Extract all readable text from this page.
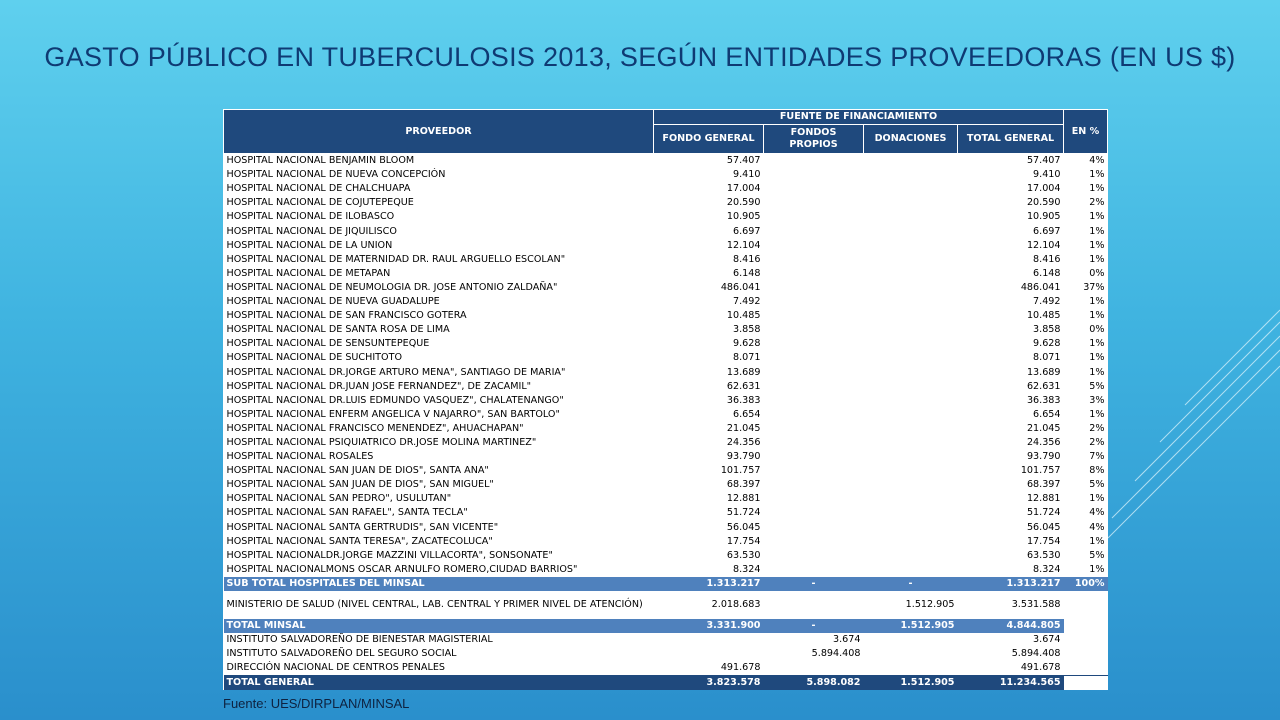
GASTO PÚBLICO EN TUBERCULOSIS 2013, SEGÚN ENTIDADES PROVEEDORAS (EN US $)
PROVEEDOR	FUENTE DE FINANCIAMIENTO				EN %
	FONDO GENERAL	FONDOS PROPIOS	DONACIONES	TOTAL GENERAL	
HOSPITAL NACIONAL BENJAMIN BLOOM	57.407			57.407	4%
HOSPITAL NACIONAL DE NUEVA CONCEPCIÓN	9.410			9.410	1%
HOSPITAL NACIONAL DE CHALCHUAPA	17.004			17.004	1%
HOSPITAL NACIONAL DE COJUTEPEQUE	20.590			20.590	2%
HOSPITAL NACIONAL DE ILOBASCO	10.905			10.905	1%
HOSPITAL NACIONAL DE JIQUILISCO	6.697			6.697	1%
HOSPITAL NACIONAL DE LA UNION	12.104			12.104	1%
HOSPITAL NACIONAL DE MATERNIDAD DR. RAUL ARGUELLO ESCOLAN"	8.416			8.416	1%
HOSPITAL NACIONAL DE METAPAN	6.148			6.148	0%
HOSPITAL NACIONAL DE NEUMOLOGIA DR. JOSE ANTONIO ZALDAÑA"	486.041			486.041	37%
HOSPITAL NACIONAL DE NUEVA GUADALUPE	7.492			7.492	1%
HOSPITAL NACIONAL DE SAN FRANCISCO GOTERA	10.485			10.485	1%
HOSPITAL NACIONAL DE SANTA ROSA DE LIMA	3.858			3.858	0%
HOSPITAL NACIONAL DE SENSUNTEPEQUE	9.628			9.628	1%
HOSPITAL NACIONAL DE SUCHITOTO	8.071			8.071	1%
HOSPITAL NACIONAL DR.JORGE ARTURO MENA", SANTIAGO DE MARIA"	13.689			13.689	1%
HOSPITAL NACIONAL DR.JUAN JOSE FERNANDEZ", DE ZACAMIL"	62.631			62.631	5%
HOSPITAL NACIONAL DR.LUIS EDMUNDO VASQUEZ", CHALATENANGO"	36.383			36.383	3%
HOSPITAL NACIONAL ENFERM ANGELICA V NAJARRO", SAN BARTOLO"	6.654			6.654	1%
HOSPITAL NACIONAL FRANCISCO MENENDEZ", AHUACHAPAN"	21.045			21.045	2%
HOSPITAL NACIONAL PSIQUIATRICO DR.JOSE MOLINA MARTINEZ"	24.356			24.356	2%
HOSPITAL NACIONAL ROSALES	93.790			93.790	7%
HOSPITAL NACIONAL SAN JUAN DE DIOS", SANTA ANA"	101.757			101.757	8%
HOSPITAL NACIONAL SAN JUAN DE DIOS", SAN MIGUEL"	68.397			68.397	5%
HOSPITAL NACIONAL SAN PEDRO", USULUTAN"	12.881			12.881	1%
HOSPITAL NACIONAL SAN RAFAEL", SANTA TECLA"	51.724			51.724	4%
HOSPITAL NACIONAL SANTA GERTRUDIS", SAN VICENTE"	56.045			56.045	4%
HOSPITAL NACIONAL SANTA TERESA", ZACATECOLUCA"	17.754			17.754	1%
HOSPITAL NACIONALDR.JORGE MAZZINI VILLACORTA", SONSONATE"	63.530			63.530	5%
HOSPITAL NACIONALMONS OSCAR ARNULFO ROMERO,CIUDAD BARRIOS"	8.324			8.324	1%
SUB TOTAL HOSPITALES DEL MINSAL	1.313.217	-	-	1.313.217	100%
MINISTERIO DE SALUD (NIVEL CENTRAL, LAB. CENTRAL Y PRIMER NIVEL DE ATENCIÓN)	2.018.683		1.512.905	3.531.588	
TOTAL MINSAL	3.331.900	-	1.512.905	4.844.805	
INSTITUTO SALVADOREÑO DE BIENESTAR MAGISTERIAL		3.674		3.674	
INSTITUTO SALVADOREÑO DEL SEGURO SOCIAL		5.894.408		5.894.408	
DIRECCIÓN NACIONAL DE CENTROS PENALES	491.678			491.678	
TOTAL GENERAL	3.823.578	5.898.082	1.512.905	11.234.565	
Fuente: UES/DIRPLAN/MINSAL
